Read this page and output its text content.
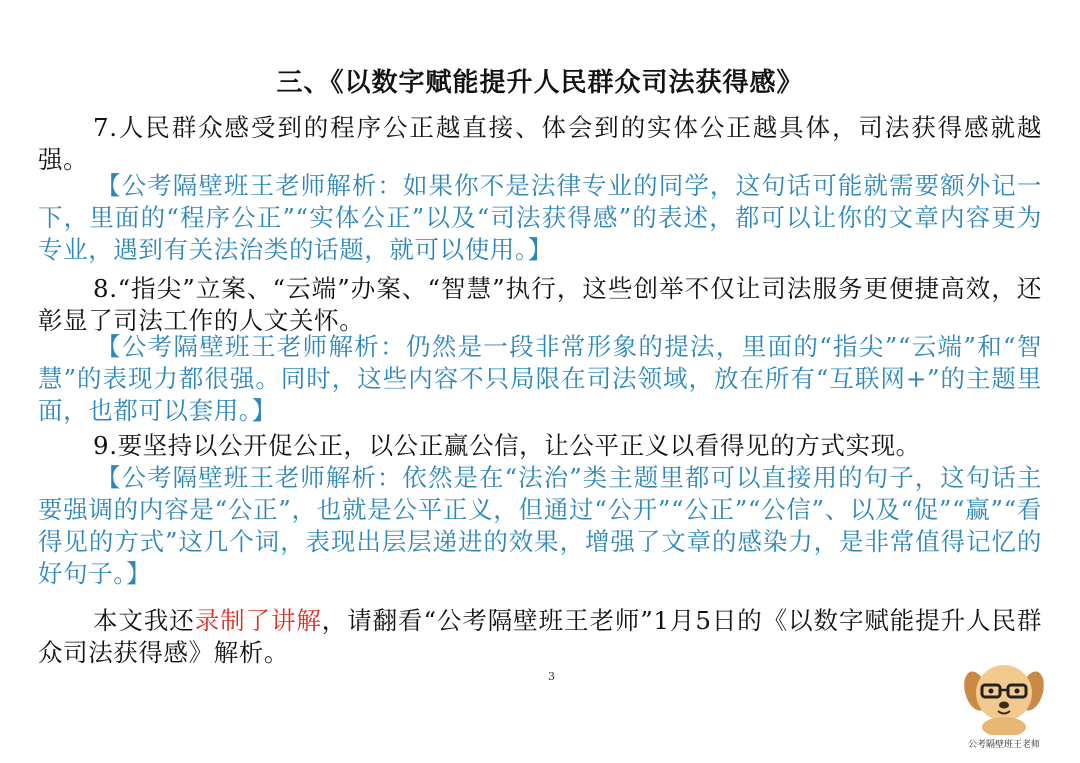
三、《以数字赋能提升人民群众司法获得感》
7.人民群众感受到的程序公正越直接、体会到的实体公正越具体，司法获得感就越强。
【公考隔壁班王老师解析：如果你不是法律专业的同学，这句话可能就需要额外记一下，里面的“程序公正”“实体公正”以及“司法获得感”的表述，都可以让你的文章内容更为专业，遇到有关法治类的话题，就可以使用。】
8.“指尖”立案、“云端”办案、“智慧”执行，这些创举不仅让司法服务更便捷高效，还彰显了司法工作的人文关怀。
【公考隔壁班王老师解析：仍然是一段非常形象的提法，里面的“指尖”“云端”和“智慧”的表现力都很强。同时，这些内容不只局限在司法领域，放在所有“互联网+”的主题里面，也都可以套用。】
9.要坚持以公开促公正，以公正赢公信，让公平正义以看得见的方式实现。
【公考隔壁班王老师解析：依然是在“法治”类主题里都可以直接用的句子，这句话主要强调的内容是“公正”，也就是公平正义，但通过“公开”“公正”“公信”、以及“促”“赢”“看得见的方式”这几个词，表现出层层递进的效果，增强了文章的感染力，是非常值得记忆的好句子。】
本文我还录制了讲解，请翻看“公考隔壁班王老师”1月5日的《以数字赋能提升人民群众司法获得感》解析。
3
公考隔壁班王老师
